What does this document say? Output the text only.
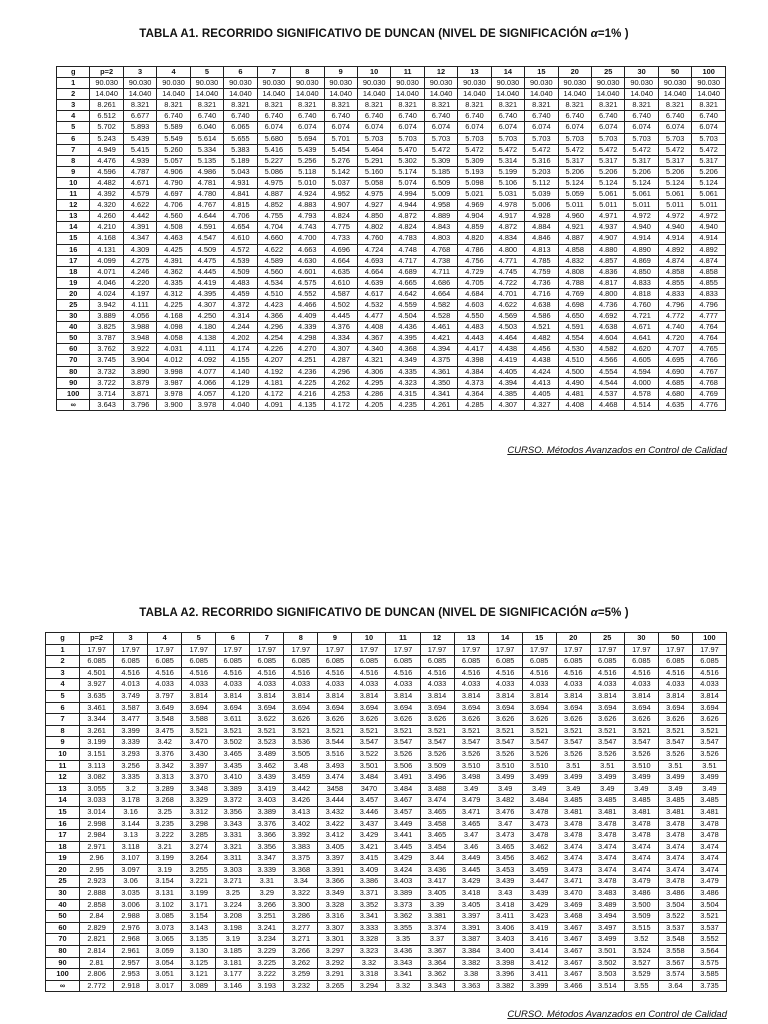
TABLA A1. RECORRIDO SIGNIFICATIVO DE DUNCAN (NIVEL DE SIGNIFICACIÓN α=1% )
g	p=2	3	4	5	6	7	8	9	10	11	12	13	14	15	20	25	30	50	100
1	90.030	90.030	90.030	90.030	90.030	90.030	90.030	90.030	90.030	90.030	90.030	90.030	90.030	90.030	90.030	90.030	90.030	90.030	90.030
2	14.040	14.040	14.040	14.040	14.040	14.040	14.040	14.040	14.040	14.040	14.040	14.040	14.040	14.040	14.040	14.040	14.040	14.040	14.040
3	8.261	8.321	8.321	8.321	8.321	8.321	8.321	8.321	8.321	8.321	8.321	8.321	8.321	8.321	8.321	8.321	8.321	8.321	8.321
4	6.512	6.677	6.740	6.740	6.740	6.740	6.740	6.740	6.740	6.740	6.740	6.740	6.740	6.740	6.740	6.740	6.740	6.740	6.740
5	5.702	5.893	5.589	6.040	6.065	6.074	6.074	6.074	6.074	6.074	6.074	6.074	6.074	6.074	6.074	6.074	6.074	6.074	6.074
6	5.243	5.439	5.549	5.614	5.655	5.680	5.694	5.701	5.703	5.703	5.703	5.703	5.703	5.703	5.703	5.703	5.703	5.703	5.703
7	4.949	5.415	5.260	5.334	5.383	5.416	5.439	5.454	5.464	5.470	5.472	5.472	5.472	5.472	5.472	5.472	5.472	5.472	5.472
8	4.476	4.939	5.057	5.135	5.189	5.227	5.256	5.276	5.291	5.302	5.309	5.309	5.314	5.316	5.317	5.317	5.317	5.317	5.317
9	4.596	4.787	4.906	4.986	5.043	5.086	5.118	5.142	5.160	5.174	5.185	5.193	5.199	5.203	5.206	5.206	5.206	5.206	5.206
10	4.482	4.671	4.790	4.781	4.931	4.975	5.010	5.037	5.058	5.074	6.509	5.098	5.106	5.112	5.124	5.124	5.124	5.124	5.124
11	4.392	4.579	4.697	4.780	4.841	4.887	4.924	4.952	4.975	4.994	5.009	5.021	5.031	5.039	5.059	5.061	5.061	5.061	5.061
12	4.320	4.622	4.706	4.767	4.815	4.852	4.883	4.907	4.927	4.944	4.958	4.969	4.978	5.006	5.011	5.011	5.011	5.011	5.011
13	4.260	4.442	4.560	4.644	4.706	4.755	4.793	4.824	4.850	4.872	4.889	4.904	4.917	4.928	4.960	4.971	4.972	4.972	4.972
14	4.210	4.391	4.508	4.591	4.654	4.704	4.743	4.775	4.802	4.824	4.843	4.859	4.872	4.884	4.921	4.937	4.940	4.940	4.940
15	4.168	4.347	4.463	4.547	4.610	4.660	4.700	4.733	4.760	4.783	4.803	4.820	4.834	4.846	4.887	4.907	4.914	4.914	4.914
16	4.131	4.309	4.425	4.509	4.572	4.622	4.663	4.696	4.724	4.748	4.768	4.786	4.800	4.813	4.858	4.880	4.890	4.892	4.892
17	4.099	4.275	4.391	4.475	4.539	4.589	4.630	4.664	4.693	4.717	4.738	4.756	4.771	4.785	4.832	4.857	4.869	4.874	4.874
18	4.071	4.246	4.362	4.445	4.509	4.560	4.601	4.635	4.664	4.689	4.711	4.729	4.745	4.759	4.808	4.836	4.850	4.858	4.858
19	4.046	4.220	4.335	4.419	4.483	4.534	4.575	4.610	4.639	4.665	4.686	4.705	4.722	4.736	4.788	4.817	4.833	4.855	4.855
20	4.024	4.197	4.312	4.395	4.459	4.510	4.552	4.587	4.617	4.642	4.664	4.684	4.701	4.716	4.769	4.800	4.818	4.833	4.833
25	3.942	4.111	4.225	4.307	4.372	4.423	4.466	4.502	4.532	4.559	4.582	4.603	4.622	4.638	4.698	4.736	4.760	4.796	4.796
30	3.889	4.056	4.168	4.250	4.314	4.366	4.409	4.445	4.477	4.504	4.528	4.550	4.569	4.586	4.650	4.692	4.721	4.772	4.777
40	3.825	3.988	4.098	4.180	4.244	4.296	4.339	4.376	4.408	4.436	4.461	4.483	4.503	4.521	4.591	4.638	4.671	4.740	4.764
50	3.787	3.948	4.058	4.138	4.202	4.254	4.298	4.334	4.367	4.395	4.421	4.443	4.464	4.482	4.554	4.604	4.641	4.720	4.764
60	3.762	3.922	4.031	4.111	4.174	4.226	4.270	4.307	4.340	4.368	4.394	4.417	4.438	4.456	4.530	4.582	4.620	4.707	4.765
70	3.745	3.904	4.012	4.092	4.155	4.207	4.251	4.287	4.321	4.349	4.375	4.398	4.419	4.438	4.510	4.566	4.605	4.695	4.766
80	3.732	3.890	3.998	4.077	4.140	4.192	4.236	4.296	4.306	4.335	4.361	4.384	4.405	4.424	4.500	4.554	4.594	4.690	4.767
90	3.722	3.879	3.987	4.066	4.129	4.181	4.225	4.262	4.295	4.323	4.350	4.373	4.394	4.413	4.490	4.544	4.000	4.685	4.768
100	3.714	3.871	3.978	4.057	4.120	4.172	4.216	4.253	4.286	4.315	4.341	4.364	4.385	4.405	4.481	4.537	4.578	4.680	4.769
∞	3.643	3.796	3.900	3.978	4.040	4.091	4.135	4.172	4.205	4.235	4.261	4.285	4.307	4.327	4.408	4.468	4.514	4.635	4.776
CURSO. Métodos Avanzados en Control de Calidad
TABLA A2. RECORRIDO SIGNIFICATIVO DE DUNCAN (NIVEL DE SIGNIFICACIÓN α=5% )
g	p=2	3	4	5	6	7	8	9	10	11	12	13	14	15	20	25	30	50	100
1	17.97	17.97	17.97	17.97	17.97	17.97	17.97	17.97	17.97	17.97	17.97	17.97	17.97	17.97	17.97	17.97	17.97	17.97	17.97
2	6.085	6.085	6.085	6.085	6.085	6.085	6.085	6.085	6.085	6.085	6.085	6.085	6.085	6.085	6.085	6.085	6.085	6.085	6.085
3	4.501	4.516	4.516	4.516	4.516	4.516	4.516	4.516	4.516	4.516	4.516	4.516	4.516	4.516	4.516	4.516	4.516	4.516	4.516
4	3.927	4.013	4.033	4.033	4.033	4.033	4.033	4.033	4.033	4.033	4.033	4.033	4.033	4.033	4.033	4.033	4.033	4.033	4.033
5	3.635	3.749	3.797	3.814	3.814	3.814	3.814	3.814	3.814	3.814	3.814	3.814	3.814	3.814	3.814	3.814	3.814	3.814	3.814
6	3.461	3.587	3.649	3.694	3.694	3.694	3.694	3.694	3.694	3.694	3.694	3.694	3.694	3.694	3.694	3.694	3.694	3.694	3.694
7	3.344	3.477	3.548	3.588	3.611	3.622	3.626	3.626	3.626	3.626	3.626	3.626	3.626	3.626	3.626	3.626	3.626	3.626	3.626
8	3.261	3.399	3.475	3.521	3.521	3.521	3.521	3.521	3.521	3.521	3.521	3.521	3.521	3.521	3.521	3.521	3.521	3.521	3.521
9	3.199	3.339	3.42	3.470	3.502	3.523	3.536	3.544	3.547	3.547	3.547	3.547	3.547	3.547	3.547	3.547	3.547	3.547	3.547
10	3.151	3.293	3.376	3.430	3.465	3.489	3.505	3.516	3.522	3.526	3.526	3.526	3.526	3.526	3.526	3.526	3.526	3.526	3.526
11	3.113	3.256	3.342	3.397	3.435	3.462	3.48	3.493	3.501	3.506	3.509	3.510	3.510	3.510	3.51	3.51	3.510	3.51	3.51
12	3.082	3.335	3.313	3.370	3.410	3.439	3.459	3.474	3.484	3.491	3.496	3.498	3.499	3.499	3.499	3.499	3.499	3.499	3.499
13	3.055	3.2	3.289	3.348	3.389	3.419	3.442	3458	3470	3.484	3.488	3.49	3.49	3.49	3.49	3.49	3.49	3.49	3.49
14	3.033	3.178	3.268	3.329	3.372	3.403	3.426	3.444	3.457	3.467	3.474	3.479	3.482	3.484	3.485	3.485	3.485	3.485	3.485
15	3.014	3.16	3.25	3.312	3.356	3.389	3.413	3.432	3.446	3.457	3.465	3.471	3.476	3.478	3.481	3.481	3.481	3.481	3.481
16	2.998	3.144	3.235	3.298	3.343	3.376	3.402	3.422	3.437	3.449	3.458	3.465	3.47	3.473	3.478	3.478	3.478	3.478	3.478
17	2.984	3.13	3.222	3.285	3.331	3.366	3.392	3.412	3.429	3.441	3.465	3.47	3.473	3.478	3.478	3.478	3.478	3.478	3.478
18	2.971	3.118	3.21	3.274	3.321	3.356	3.383	3.405	3.421	3.445	3.454	3.46	3.465	3.462	3.474	3.474	3.474	3.474	3.474
19	2.96	3.107	3.199	3.264	3.311	3.347	3.375	3.397	3.415	3.429	3.44	3.449	3.456	3.462	3.474	3.474	3.474	3.474	3.474
20	2.95	3.097	3.19	3.255	3.303	3.339	3.368	3.391	3.409	3.424	3.436	3.445	3.453	3.459	3.473	3.474	3.474	3.474	3.474
25	2.923	3.06	3.154	3.221	3.271	3.31	3.34	3.366	3.386	3.403	3.417	3.429	3.439	3.447	3.471	3.478	3.479	3.478	3.479
30	2.888	3.035	3.131	3.199	3.25	3.29	3.322	3.349	3.371	3.389	3.405	3.418	3.43	3.439	3.470	3.483	3.486	3.486	3.486
40	2.858	3.006	3.102	3.171	3.224	3.266	3.300	3.328	3.352	3.373	3.39	3.405	3.418	3.429	3.469	3.489	3.500	3.504	3.504
50	2.84	2.988	3.085	3.154	3.208	3.251	3.286	3.316	3.341	3.362	3.381	3.397	3.411	3.423	3.468	3.494	3.509	3.522	3.521
60	2.829	2.976	3.073	3.143	3.198	3.241	3.277	3.307	3.333	3.355	3.374	3.391	3.406	3.419	3.467	3.497	3.515	3.537	3.537
70	2.821	2.968	3.065	3.135	3.19	3.234	3.271	3.301	3.328	3.35	3.37	3.387	3.403	3.416	3.467	3.499	3.52	3.548	3.552
80	2.814	2.961	3.059	3.130	3.185	3.229	3.266	3.297	3.323	3.436	3.367	3.384	3.400	3.414	3.467	3.501	3.524	3.558	3.564
90	2.81	2.957	3.054	3.125	3.181	3.225	3.262	3.292	3.32	3.343	3.364	3.382	3.398	3.412	3.467	3.502	3.527	3.567	3.575
100	2.806	2.953	3.051	3.121	3.177	3.222	3.259	3.291	3.318	3.341	3.362	3.38	3.396	3.411	3.467	3.503	3.529	3.574	3.585
∞	2.772	2.918	3.017	3.089	3.146	3.193	3.232	3.265	3.294	3.32	3.343	3.363	3.382	3.399	3.466	3.514	3.55	3.64	3.735
CURSO. Métodos Avanzados en Control de Calidad
